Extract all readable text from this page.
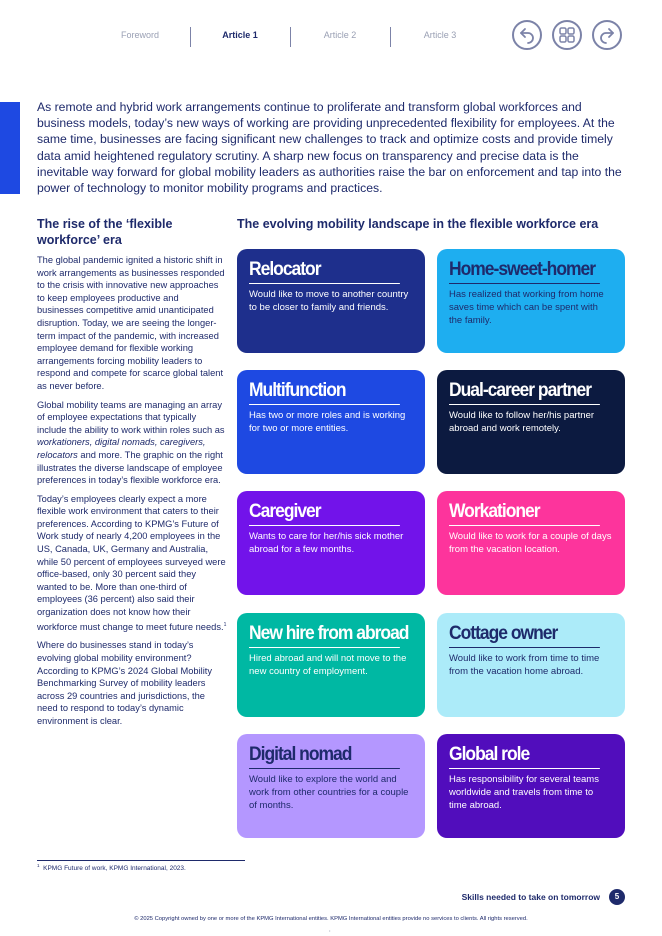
Foreword	Article 1	Article 2	Article 3
As remote and hybrid work arrangements continue to proliferate and transform global workforces and business models, today’s new ways of working are providing unprecedented flexibility for employees. At the same time, businesses are facing significant new challenges to track and optimize costs and provide timely data amid heightened regulatory scrutiny. A sharp new focus on transparency and precise data is the inevitable way forward for global mobility leaders as authorities raise the bar on enforcement and tap into the power of technology to monitor mobility programs and practices.
The rise of the ‘flexible workforce’ era

The global pandemic ignited a historic shift in work arrangements as businesses responded to the crisis with innovative new approaches to keep employees productive and businesses competitive amid unanticipated disruption. Today, we are seeing the longer-term impact of the pandemic, with increased employee demand for flexible working arrangements forcing mobility leaders to respond and compete for scarce global talent as never before.

Global mobility teams are managing an array of employee expectations that typically include the ability to work within roles such as workationers, digital nomads, caregivers, relocators and more. The graphic on the right illustrates the diverse landscape of employee preferences in today’s flexible workforce era.

Today’s employees clearly expect a more flexible work environment that caters to their preferences. According to KPMG’s Future of Work study of nearly 4,200 employees in the US, Canada, UK, Germany and Australia, while 50 percent of employees surveyed were office-based, only 30 percent said they wanted to be. More than one-third of employees (36 percent) also said their organization does not know how their workforce must change to meet future needs.$^1$

Where do businesses stand in today’s evolving global mobility environment? According to KPMG’s 2024 Global Mobility Benchmarking Survey of mobility leaders across 29 countries and jurisdictions, the need to respond to today’s dynamic environment is clear.

The evolving mobility landscape in the flexible workforce era
Relocator
Would like to move to another country to be closer to family and friends.
Home-sweet-homer
Has realized that working from home saves time which can be spent with the family.
Multifunction
Has two or more roles and is working for two or more entities.
Dual-career partner
Would like to follow her/his partner abroad and work remotely.
Caregiver
Wants to care for her/his sick mother abroad for a few months.
Workationer
Would like to work for a couple of days from the vacation location.
New hire from abroad
Hired abroad and will not move to the new country of employment.
Cottage owner
Would like to work from time to time from the vacation home abroad.
Digital nomad
Would like to explore the world and work from other countries for a couple of months.
Global role
Has responsibility for several teams worldwide and travels from time to time abroad.
$^1$ KPMG Future of work, KPMG International, 2023.
Skills needed to take on tomorrow	5
© 2025 Copyright owned by one or more of the KPMG International entities. KPMG International entities provide no services to clients. All rights reserved.
•
